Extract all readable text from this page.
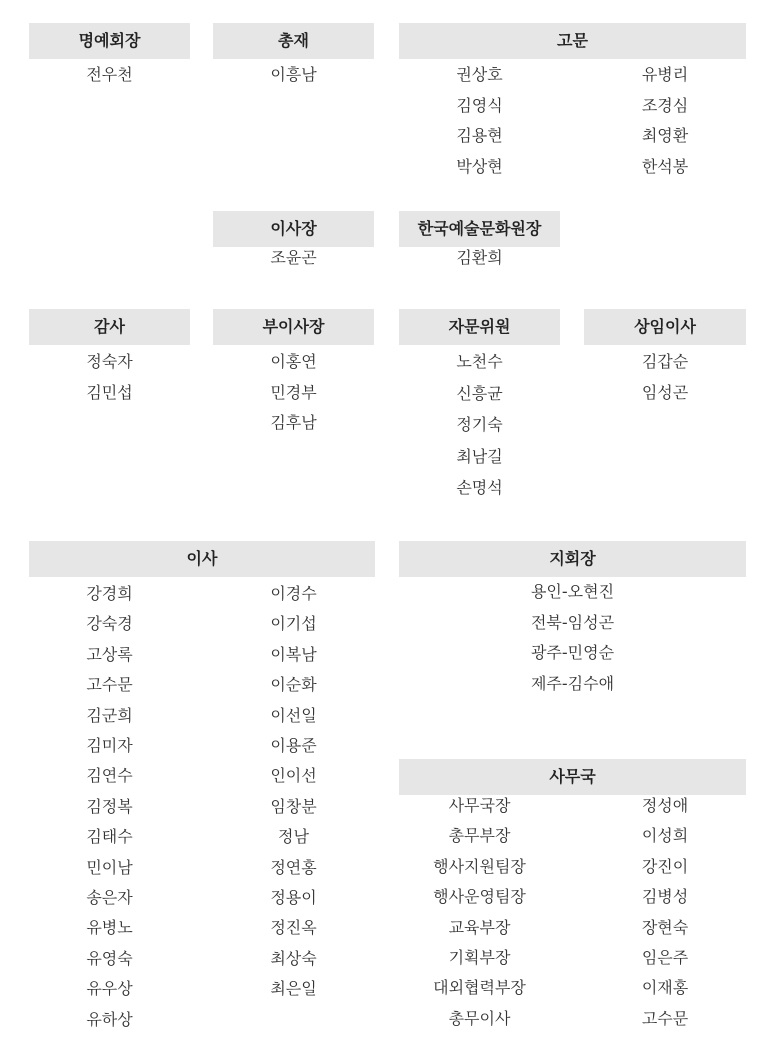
명예회장
전우천
총재
이흥남
고문
권상호
김영식
김용현
박상현
유병리
조경심
최영환
한석봉
이사장
조윤곤
한국예술문화원장
김환희
감사
정숙자
김민섭
부이사장
이홍연
민경부
김후남
자문위원
노천수
신흥균
정기숙
최남길
손명석
상임이사
김갑순
임성곤
이사
강경희
강숙경
고상록
고수문
김군희
김미자
김연수
김정복
김태수
민이남
송은자
유병노
유영숙
유우상
유하상
이경수
이기섭
이복남
이순화
이선일
이용준
인이선
임창분
정남
정연홍
정용이
정진옥
최상숙
최은일
지회장
용인-오현진
전북-임성곤
광주-민영순
제주-김수애
사무국
사무국장
총무부장
행사지원팀장
행사운영팀장
교육부장
기획부장
대외협력부장
총무이사
정성애
이성희
강진이
김병성
장현숙
임은주
이재홍
고수문
